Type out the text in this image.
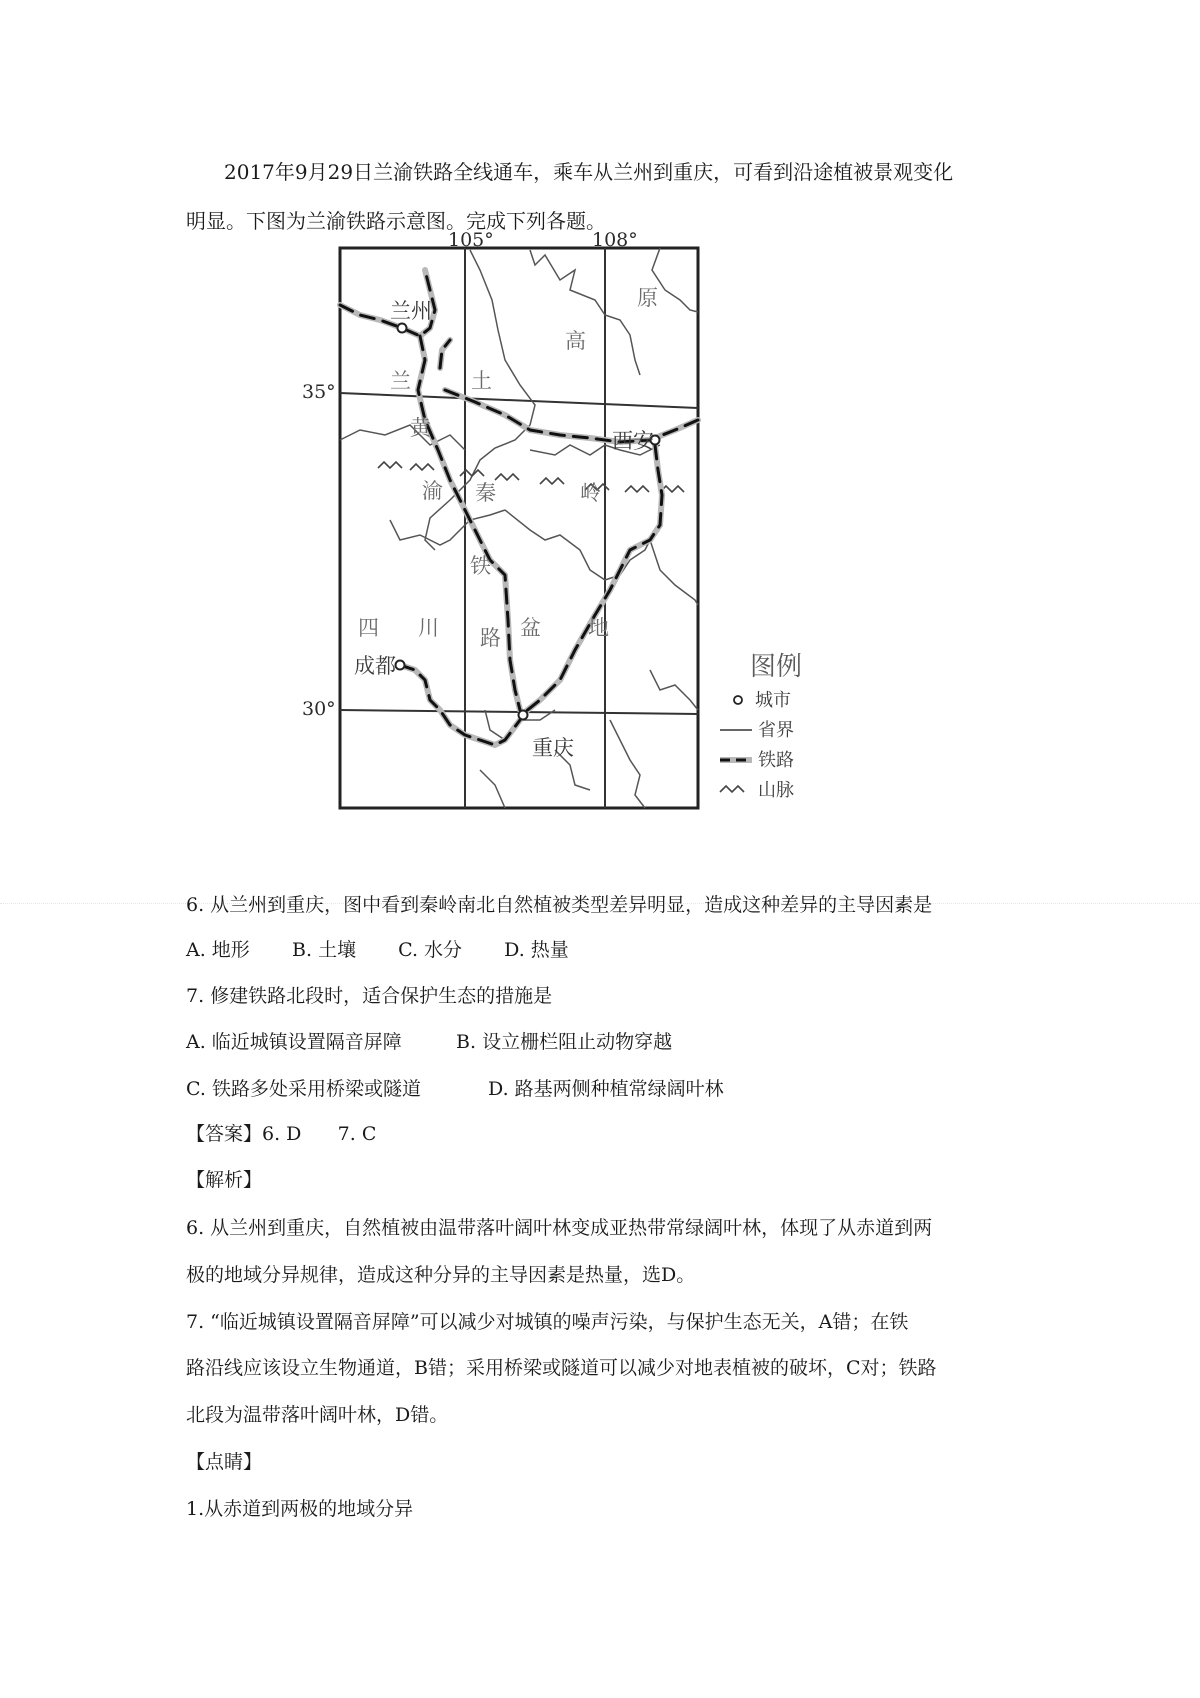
2017年9月29日兰渝铁路全线通车，乘车从兰州到重庆，可看到沿途植被景观变化
明显。下图为兰渝铁路示意图。完成下列各题。
105°	108°
35°
30°
兰州
西安
成都
重庆
黄
土
高
原
秦	岭
四 川	盆 地
兰
渝
铁
路
图例
城市
省界
铁路
山脉
6. 从兰州到重庆，图中看到秦岭南北自然植被类型差异明显，造成这种差异的主导因素是
A. 地形 B. 土壤 C. 水分 D. 热量
7. 修建铁路北段时，适合保护生态的措施是
A. 临近城镇设置隔音屏障	B. 设立栅栏阻止动物穿越
C. 铁路多处采用桥梁或隧道	D. 路基两侧种植常绿阔叶林
【答案】6. D      7. C
【解析】
6. 从兰州到重庆，自然植被由温带落叶阔叶林变成亚热带常绿阔叶林，体现了从赤道到两
极的地域分异规律，造成这种分异的主导因素是热量，选D。
7. “临近城镇设置隔音屏障”可以减少对城镇的噪声污染，与保护生态无关，A错；在铁
路沿线应该设立生物通道，B错；采用桥梁或隧道可以减少对地表植被的破坏，C对；铁路
北段为温带落叶阔叶林，D错。
【点睛】
1.从赤道到两极的地域分异
